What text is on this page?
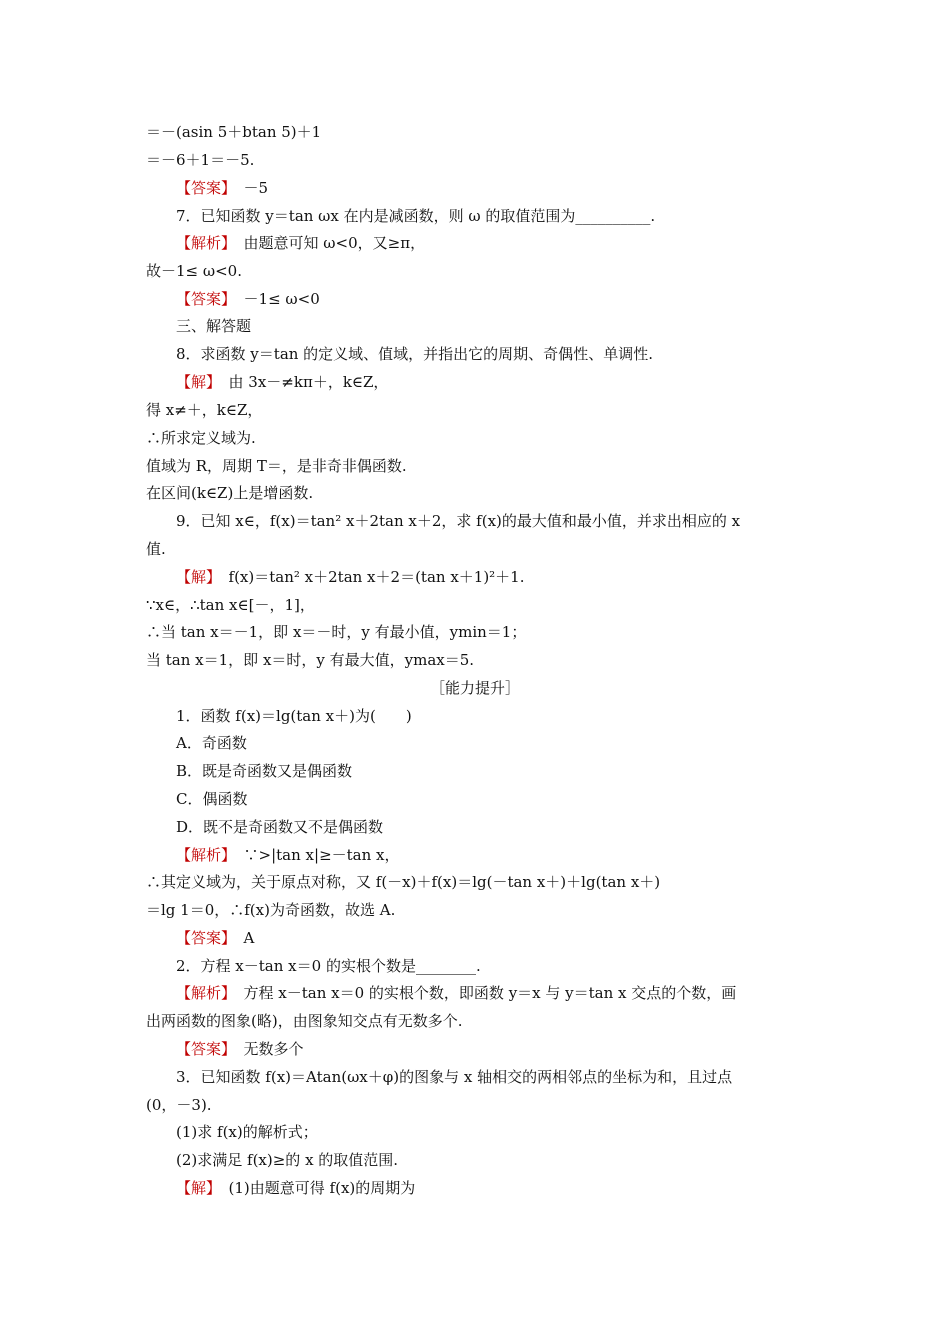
＝－(asin 5＋btan 5)＋1
＝－6＋1＝－5.
【答案】　 －5
7．已知函数 y＝tan ωx 在内是减函数，则 ω 的取值范围为__________.
【解析】　 由题意可知 ω<0，又≥π，
故－1≤ ω<0.
【答案】　 －1≤ ω<0
三、解答题
8．求函数 y＝tan 的定义域、值域，并指出它的周期、奇偶性、单调性.
【解】　 由 3x－≠kπ＋，k∈Z，
得 x≠＋，k∈Z，
∴所求定义域为.
值域为 R，周期 T＝，是非奇非偶函数.
在区间(k∈Z)上是增函数.
9．已知 x∈，f(x)＝tan² x＋2tan x＋2，求 f(x)的最大值和最小值，并求出相应的 x
值.
【解】　 f(x)＝tan² x＋2tan x＋2＝(tan x＋1)²＋1.
∵x∈，∴tan x∈[－，1]，
∴当 tan x＝－1，即 x＝－时，y 有最小值，ymin＝1；
当 tan x＝1，即 x＝时，y 有最大值，ymax＝5.
［能力提升］
1．函数 f(x)＝lg(tan x＋)为(　　)
A．奇函数
B．既是奇函数又是偶函数
C．偶函数
D．既不是奇函数又不是偶函数
【解析】　 ∵>|tan x|≥－tan x，
∴其定义域为，关于原点对称，又 f(－x)＋f(x)＝lg(－tan x＋)＋lg(tan x＋)
＝lg 1＝0，∴f(x)为奇函数，故选 A.
【答案】　 A
2．方程 x－tan x＝0 的实根个数是________.
【解析】　 方程 x－tan x＝0 的实根个数，即函数 y＝x 与 y＝tan x 交点的个数，画
出两函数的图象(略)，由图象知交点有无数多个.
【答案】　 无数多个
3．已知函数 f(x)＝Atan(ωx＋φ)的图象与 x 轴相交的两相邻点的坐标为和，且过点
(0，－3).
(1)求 f(x)的解析式；
(2)求满足 f(x)≥的 x 的取值范围.
【解】　 (1)由题意可得 f(x)的周期为
